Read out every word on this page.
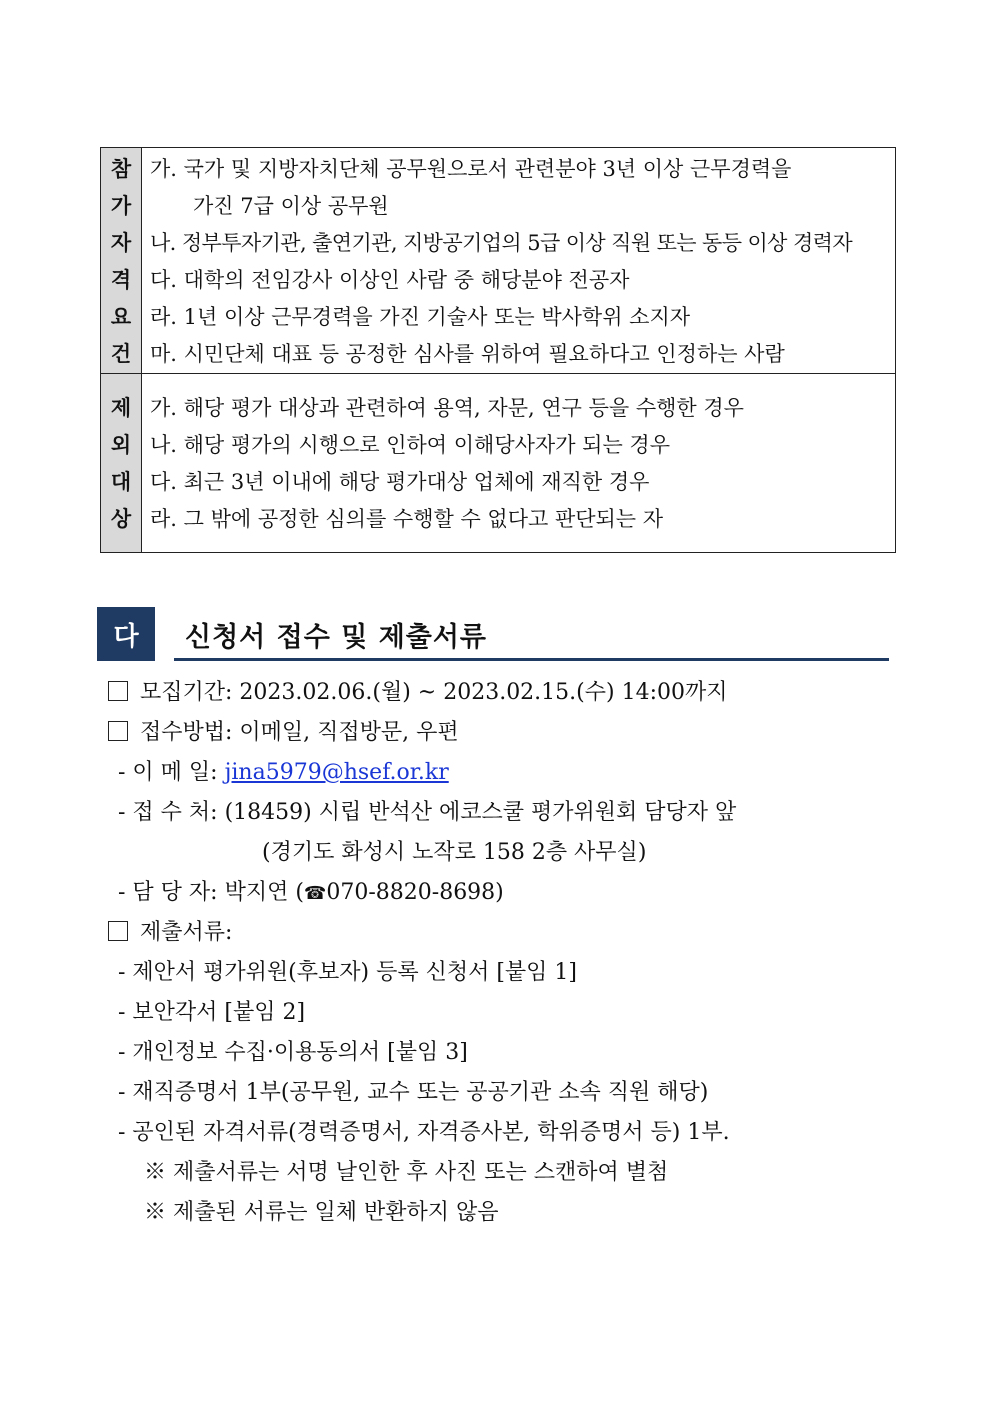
참
가
자
격
요
건
가. 국가 및 지방자치단체 공무원으로서 관련분야 3년 이상 근무경력을
가진 7급 이상 공무원
나. 정부투자기관, 출연기관, 지방공기업의 5급 이상 직원 또는 동등 이상 경력자
다. 대학의 전임강사 이상인 사람 중 해당분야 전공자
라. 1년 이상 근무경력을 가진 기술사 또는 박사학위 소지자
마. 시민단체 대표 등 공정한 심사를 위하여 필요하다고 인정하는 사람
제
외
대
상
가. 해당 평가 대상과 관련하여 용역, 자문, 연구 등을 수행한 경우
나. 해당 평가의 시행으로 인하여 이해당사자가 되는 경우
다. 최근 3년 이내에 해당 평가대상 업체에 재직한 경우
라. 그 밖에 공정한 심의를 수행할 수 없다고 판단되는 자
다	신청서 접수 및 제출서류
모집기간: 2023.02.06.(월) ~ 2023.02.15.(수) 14:00까지
접수방법: 이메일, 직접방문, 우편
- 이 메 일: jina5979@hsef.or.kr
- 접 수 처: (18459) 시립 반석산 에코스쿨 평가위원회 담당자 앞
(경기도 화성시 노작로 158 2층 사무실)
- 담 당 자: 박지연 (☎070-8820-8698)
제출서류:
- 제안서 평가위원(후보자) 등록 신청서 [붙임 1]
- 보안각서 [붙임 2]
- 개인정보 수집·이용동의서 [붙임 3]
- 재직증명서 1부(공무원, 교수 또는 공공기관 소속 직원 해당)
- 공인된 자격서류(경력증명서, 자격증사본, 학위증명서 등) 1부.
※ 제출서류는 서명 날인한 후 사진 또는 스캔하여 별첨
※ 제출된 서류는 일체 반환하지 않음
